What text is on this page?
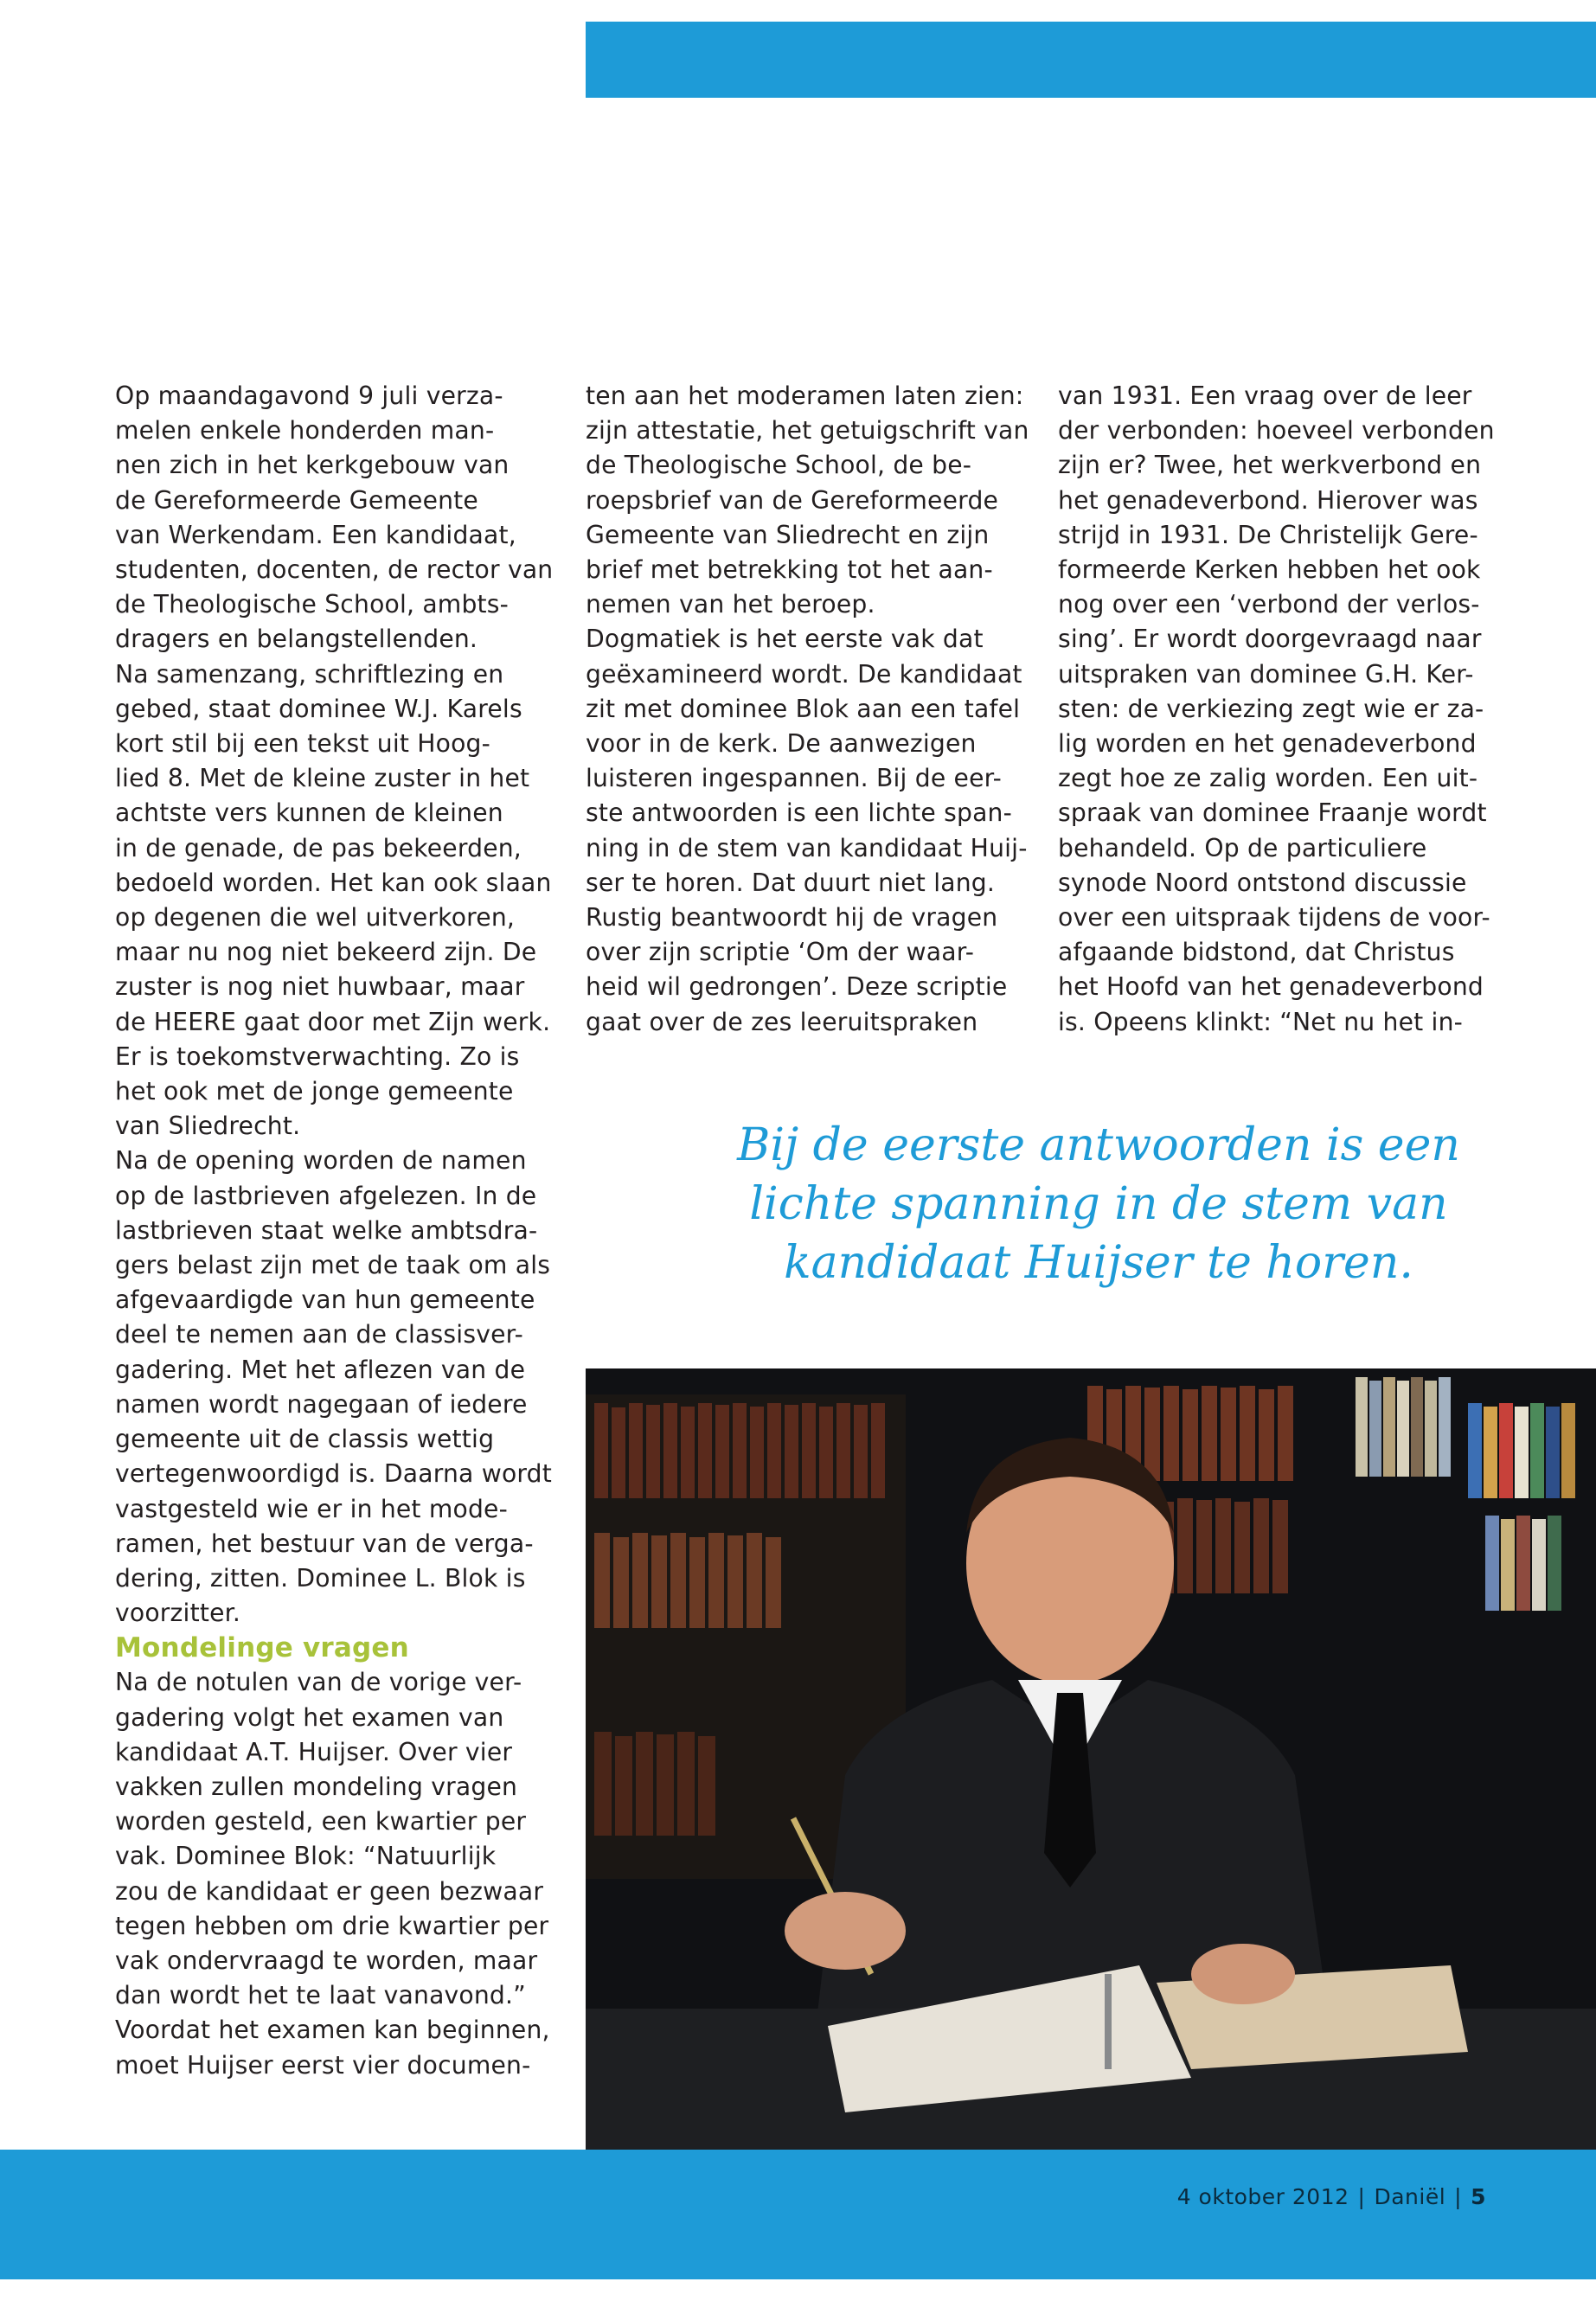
Op maandagavond 9 juli verza-
melen enkele honderden man-
nen zich in het kerkgebouw van
de Gereformeerde Gemeente
van Werkendam. Een kandidaat,
studenten, docenten, de rector van
de Theologische School, ambts-
dragers en belangstellenden.
Na samenzang, schriftlezing en
gebed, staat dominee W.J. Karels
kort stil bij een tekst uit Hoog-
lied 8. Met de kleine zuster in het
achtste vers kunnen de kleinen
in de genade, de pas bekeerden,
bedoeld worden. Het kan ook slaan
op degenen die wel uitverkoren,
maar nu nog niet bekeerd zijn. De
zuster is nog niet huwbaar, maar
de HEERE gaat door met Zijn werk.
Er is toekomstverwachting. Zo is
het ook met de jonge gemeente
van Sliedrecht.
Na de opening worden de namen
op de lastbrieven afgelezen. In de
lastbrieven staat welke ambtsdra-
gers belast zijn met de taak om als
afgevaardigde van hun gemeente
deel te nemen aan de classisver-
gadering. Met het aflezen van de
namen wordt nagegaan of iedere
gemeente uit de classis wettig
vertegenwoordigd is. Daarna wordt
vastgesteld wie er in het mode-
ramen, het bestuur van de verga-
dering, zitten. Dominee L. Blok is
voorzitter.

Mondelinge vragen

Na de notulen van de vorige ver-
gadering volgt het examen van
kandidaat A.T. Huijser. Over vier
vakken zullen mondeling vragen
worden gesteld, een kwartier per
vak. Dominee Blok: “Natuurlijk
zou de kandidaat er geen bezwaar
tegen hebben om drie kwartier per
vak ondervraagd te worden, maar
dan wordt het te laat vanavond.”
Voordat het examen kan beginnen,
moet Huijser eerst vier documen-
ten aan het moderamen laten zien:
zijn attestatie, het getuigschrift van
de Theologische School, de be-
roepsbrief van de Gereformeerde
Gemeente van Sliedrecht en zijn
brief met betrekking tot het aan-
nemen van het beroep.
Dogmatiek is het eerste vak dat
geëxamineerd wordt. De kandidaat
zit met dominee Blok aan een tafel
voor in de kerk. De aanwezigen
luisteren ingespannen. Bij de eer-
ste antwoorden is een lichte span-
ning in de stem van kandidaat Huij-
ser te horen. Dat duurt niet lang.
Rustig beantwoordt hij de vragen
over zijn scriptie ‘Om der waar-
heid wil gedrongen’. Deze scriptie
gaat over de zes leeruitspraken
van 1931. Een vraag over de leer
der verbonden: hoeveel verbonden
zijn er? Twee, het werkverbond en
het genadeverbond. Hierover was
strijd in 1931. De Christelijk Gere-
formeerde Kerken hebben het ook
nog over een ‘verbond der verlos-
sing’. Er wordt doorgevraagd naar
uitspraken van dominee G.H. Ker-
sten: de verkiezing zegt wie er za-
lig worden en het genadeverbond
zegt hoe ze zalig worden. Een uit-
spraak van dominee Fraanje wordt
behandeld. Op de particuliere
synode Noord ontstond discussie
over een uitspraak tijdens de voor-
afgaande bidstond, dat Christus
het Hoofd van het genadeverbond
is. Opeens klinkt: “Net nu het in-
Bij de eerste antwoorden is een
lichte spanning in de stem van
kandidaat Huijser te horen.
4 oktober 2012 | Daniël | 5
